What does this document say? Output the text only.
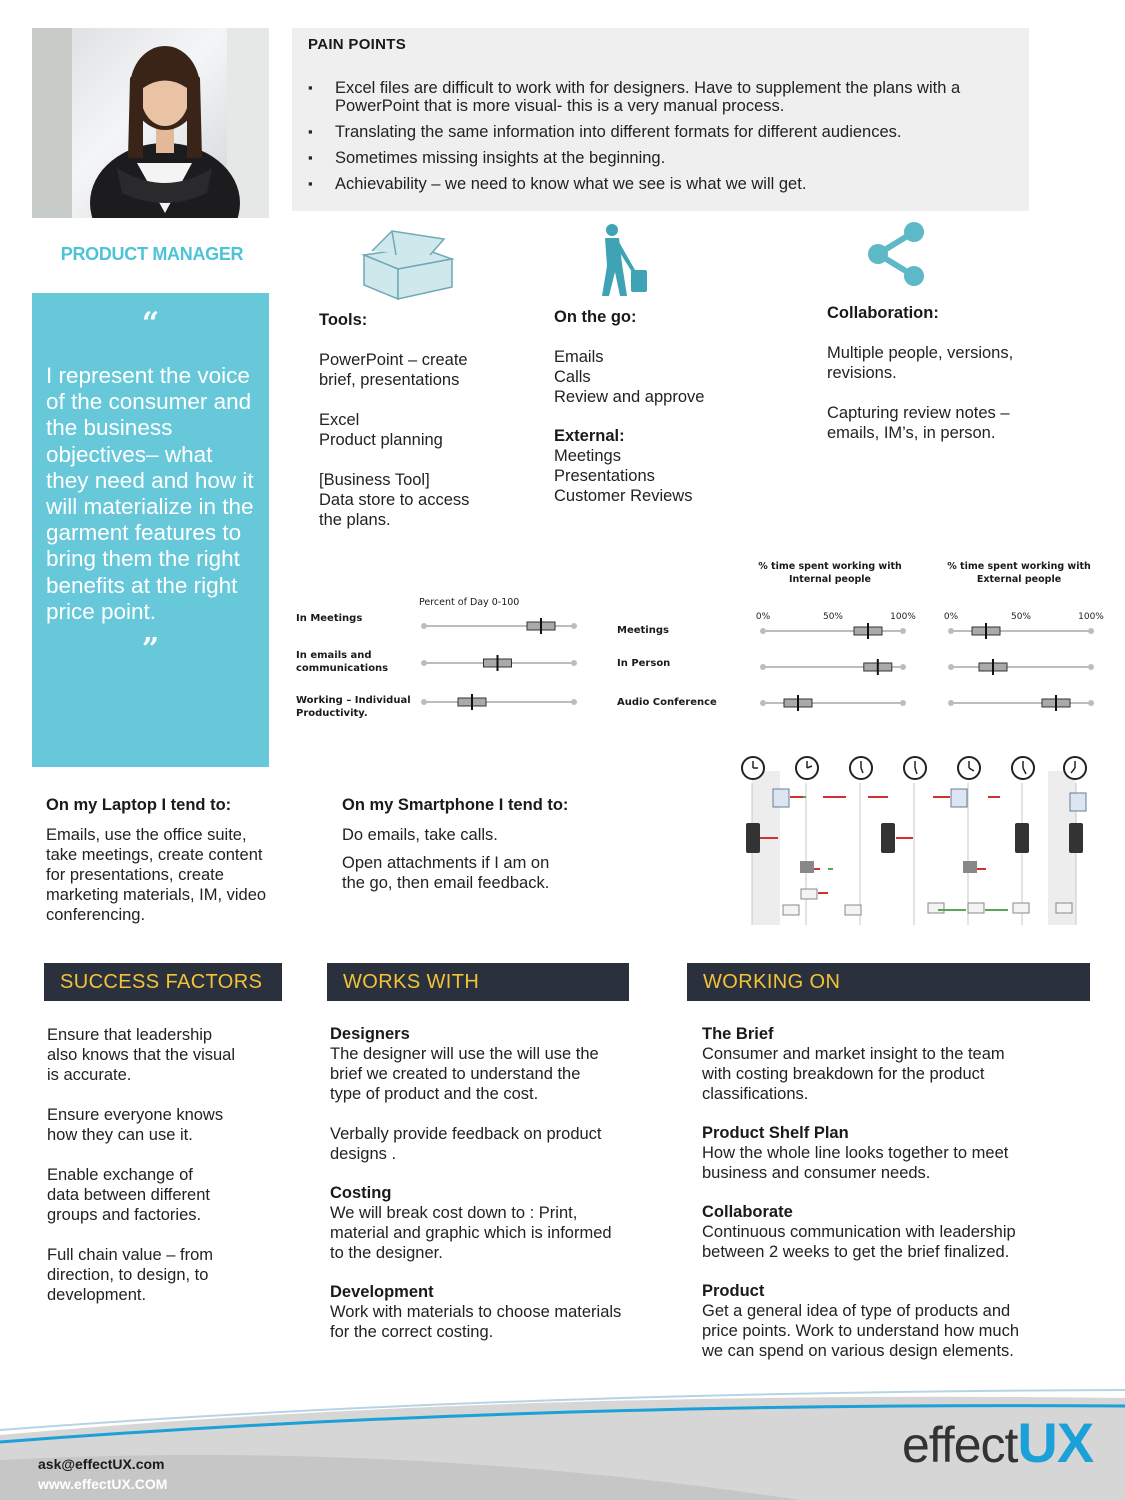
PAIN POINTS
▪ Excel files are difficult to work with for designers. Have to supplement the plans with a PowerPoint that is more visual- this is a very manual process.
▪ Translating the same information into different formats for different audiences.
▪ Sometimes missing insights at the beginning.
▪ Achievability – we need to know what we see is what we will get.
PRODUCT MANAGER
“

I represent the voice of the consumer and the business objectives– what they need and how it will materialize in the garment features to bring them the right benefits at the right price point.

”
Tools:
PowerPoint – create
brief, presentations
Excel
Product planning
[Business Tool]
Data store to access
the plans.
On the go:
Emails
Calls
Review and approve
External:
Meetings
Presentations
Customer Reviews
Collaboration:
Multiple people, versions,
revisions.
Capturing review notes –
emails, IM’s, in person.
Percent of Day 0-100
In Meetings
In emails and
communications
Working – Individual
Productivity.
Meetings
In Person
Audio Conference
% time spent working with
Internal people
% time spent working with
External people
0%	50%	100%	0%	50%	100%
On my Laptop I tend to:
Emails, use the office suite,
take meetings, create content
for presentations, create
marketing materials, IM, video
conferencing.
On my Smartphone I tend to:
Do emails, take calls.
Open attachments if I am on
the go, then email feedback.
SUCCESS FACTORS	WORKS WITH	WORKING ON
Ensure that leadership
also knows that the visual
is accurate.
Ensure everyone knows
how they can use it.
Enable exchange of
data between different
groups and factories.
Full chain value – from
direction, to design, to
development.
Designers
The designer will use the will use the
brief we created to understand the
type of product and the cost.
Verbally provide feedback on product
designs .
Costing
We will break cost down to : Print,
material and graphic which is informed
to the designer.
Development
Work with materials to choose materials
for the correct costing.
The Brief
Consumer and market insight to the team
with costing breakdown for the product
classifications.
Product Shelf Plan
How the whole line looks together to meet
business and consumer needs.
Collaborate
Continuous communication with leadership
between 2 weeks to get the brief finalized.
Product
Get a general idea of type of products and
price points. Work to understand how much
we can spend on various design elements.
ask@effectUX.com
www.effectUX.COM
effectUX
